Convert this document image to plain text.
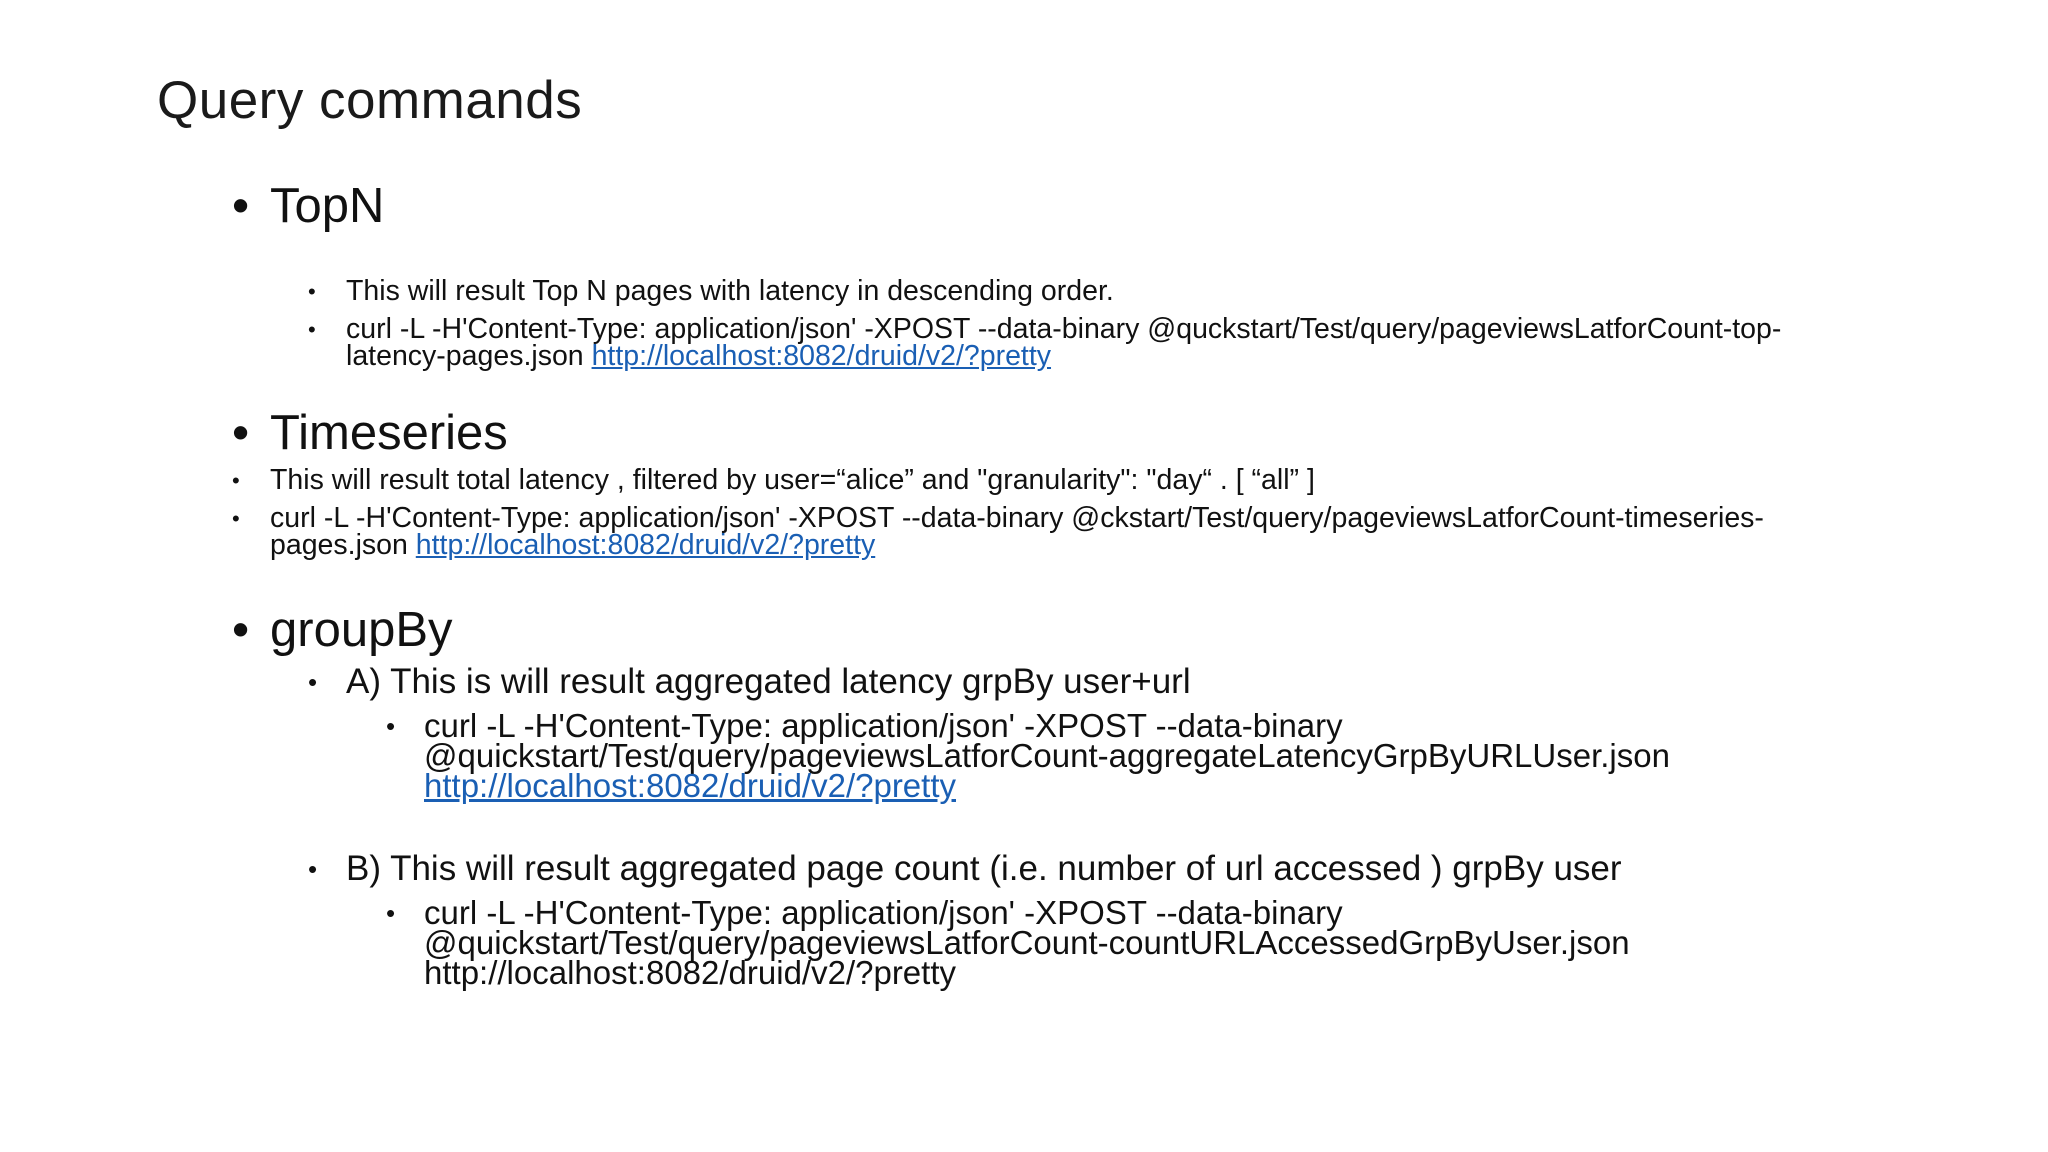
Query commands
• TopN
•	This will result Top N pages with latency in descending order.
•	curl -L -H'Content-Type: application/json' -XPOST --data-binary @quckstart/Test/query/pageviewsLatforCount-top-
latency-pages.json http://localhost:8082/druid/v2/?pretty
• Timeseries
•	This will result total latency , filtered by user=“alice” and "granularity": "day“ . [ “all” ]
•	curl -L -H'Content-Type: application/json' -XPOST --data-binary @ckstart/Test/query/pageviewsLatforCount-timeseries-
pages.json http://localhost:8082/druid/v2/?pretty
• groupBy
• A) This is will result aggregated latency grpBy user+url
• curl -L -H'Content-Type: application/json' -XPOST --data-binary
@quickstart/Test/query/pageviewsLatforCount-aggregateLatencyGrpByURLUser.json
http://localhost:8082/druid/v2/?pretty
• B) This will result aggregated page count (i.e. number of url accessed ) grpBy user
• curl -L -H'Content-Type: application/json' -XPOST --data-binary
@quickstart/Test/query/pageviewsLatforCount-countURLAccessedGrpByUser.json
http://localhost:8082/druid/v2/?pretty
